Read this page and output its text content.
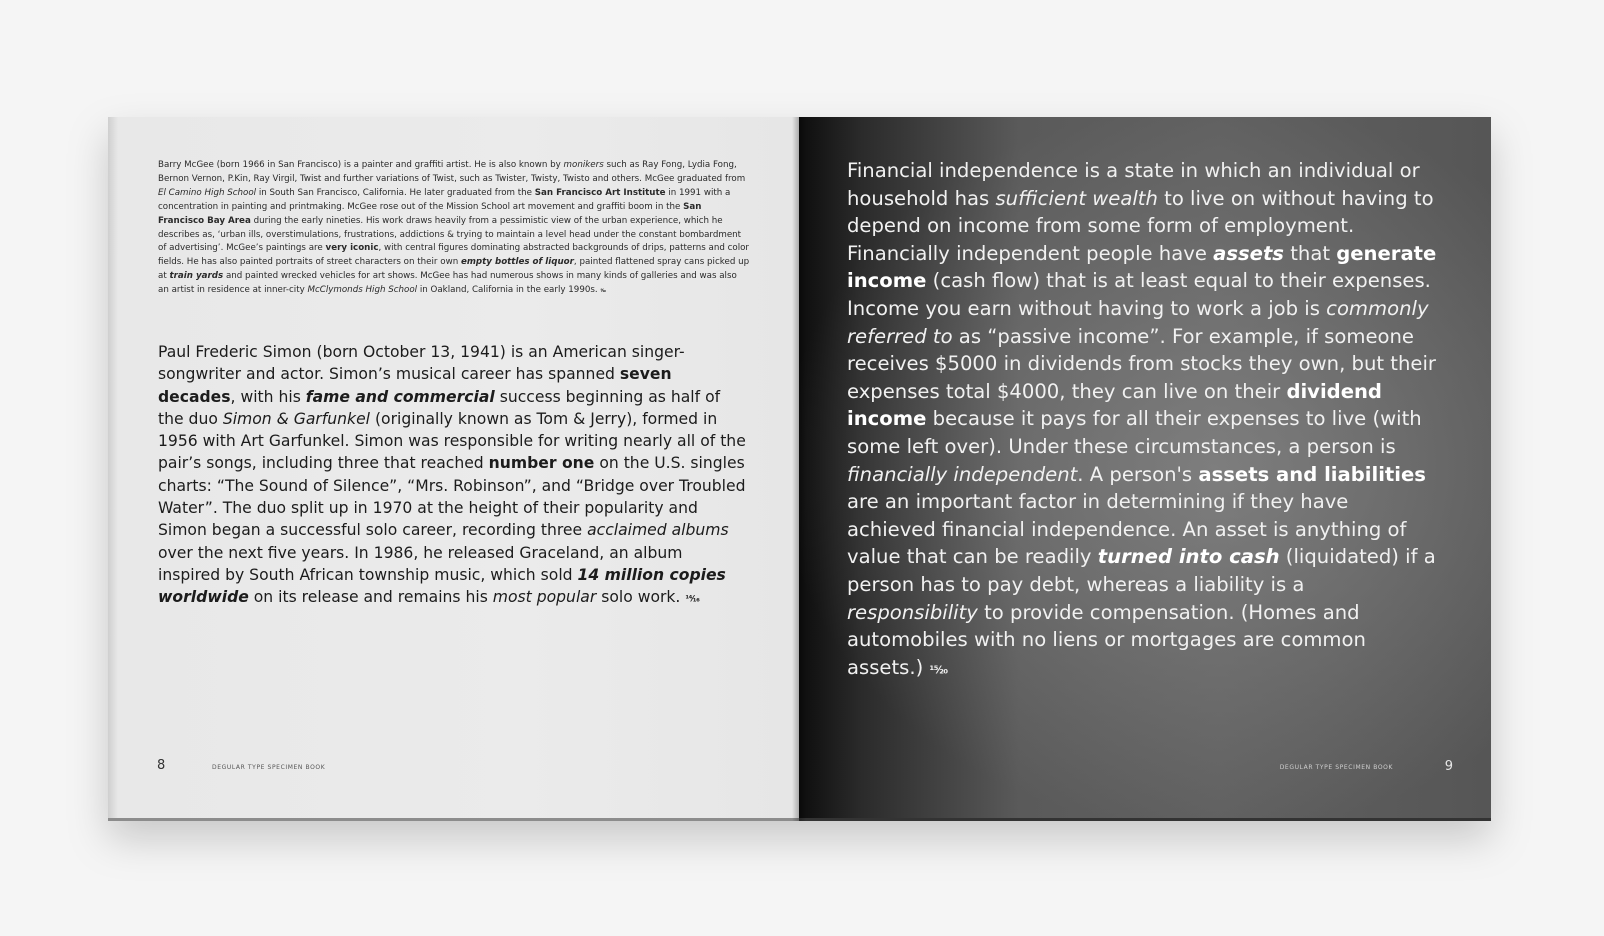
Barry McGee (born 1966 in San Francisco) is a painter and graffiti artist. He is also known by monikers such as Ray Fong, Lydia Fong, Bernon Vernon, P.Kin, Ray Virgil, Twist and further variations of Twist, such as Twister, Twisty, Twisto and others. McGee graduated from El Camino High School in South San Francisco, California. He later graduated from the San Francisco Art Institute in 1991 with a concentration in painting and printmaking. McGee rose out of the Mission School art movement and graffiti boom in the San Francisco Bay Area during the early nineties. His work draws heavily from a pessimistic view of the urban experience, which he describes as, ‘urban ills, overstimulations, frustrations, addictions & trying to maintain a level head under the constant bombardment of advertising’. McGee’s paintings are very iconic, with central figures dominating abstracted backgrounds of drips, patterns and color fields. He has also painted portraits of street characters on their own empty bottles of liquor, painted flattened spray cans picked up at train yards and painted wrecked vehicles for art shows. McGee has had numerous shows in many kinds of galleries and was also an artist in residence at inner-city McClymonds High School in Oakland, California in the early 1990s. ⁹⁄₁₀

Paul Frederic Simon (born October 13, 1941) is an American singer-songwriter and actor. Simon’s musical career has spanned seven decades, with his fame and commercial success beginning as half of the duo Simon & Garfunkel (originally known as Tom & Jerry), formed in 1956 with Art Garfunkel. Simon was responsible for writing nearly all of the pair’s songs, including three that reached number one on the U.S. singles charts: “The Sound of Silence”, “Mrs. Robinson”, and “Bridge over Troubled Water”. The duo split up in 1970 at the height of their popularity and Simon began a successful solo career, recording three acclaimed albums over the next five years. In 1986, he released Graceland, an album inspired by South African township music, which sold 14 million copies worldwide on its release and remains his most popular solo work. ¹⁴⁄₁₆

8	DEGULAR TYPE SPECIMEN BOOK

Financial independence is a state in which an individual or household has sufficient wealth to live on without having to depend on income from some form of employment. Financially independent people have assets that generate income (cash flow) that is at least equal to their expenses. Income you earn without having to work a job is commonly referred to as “passive income”. For example, if someone receives $5000 in dividends from stocks they own, but their expenses total $4000, they can live on their dividend income because it pays for all their expenses to live (with some left over). Under these circumstances, a person is financially independent. A person's assets and liabilities are an important factor in determining if they have achieved financial independence. An asset is anything of value that can be readily turned into cash (liquidated) if a person has to pay debt, whereas a liability is a responsibility to provide compensation. (Homes and automobiles with no liens or mortgages are common assets.) ¹⁵⁄₂₀

DEGULAR TYPE SPECIMEN BOOK	9
